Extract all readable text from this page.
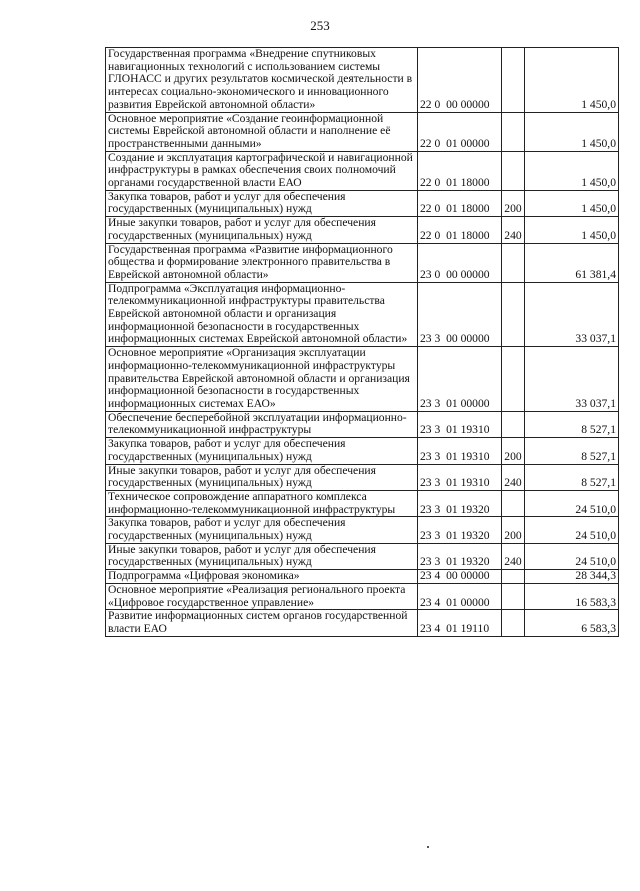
253
Государственная программа «Внедрение спутниковых навигационных технологий с использованием системы ГЛОНАСС и других результатов космической деятельности в интересах социально-экономического и инновационного развития Еврейской автономной области»	22 0  00 00000		1 450,0
Основное мероприятие «Создание геоинформационной системы Еврейской автономной области и наполнение её пространственными данными»	22 0  01 00000		1 450,0
Создание и эксплуатация картографической и навигационной инфраструктуры в рамках обеспечения своих полномочий органами государственной власти ЕАО	22 0  01 18000		1 450,0
Закупка товаров, работ и услуг для обеспечения государственных (муниципальных) нужд	22 0  01 18000	200	1 450,0
Иные закупки товаров, работ и услуг для обеспечения государственных (муниципальных) нужд	22 0  01 18000	240	1 450,0
Государственная программа «Развитие информационного общества и формирование электронного правительства в Еврейской автономной области»	23 0  00 00000		61 381,4
Подпрограмма «Эксплуатация информационно-телекоммуникационной инфраструктуры правительства Еврейской автономной области и организация информационной безопасности в государственных информационных системах Еврейской автономной области»	23 3  00 00000		33 037,1
Основное мероприятие «Организация эксплуатации информационно-телекоммуникационной инфраструктуры правительства Еврейской автономной области и организация информационной безопасности в государственных информационных системах ЕАО»	23 3  01 00000		33 037,1
Обеспечение бесперебойной эксплуатации информационно-телекоммуникационной инфраструктуры	23 3  01 19310		8 527,1
Закупка товаров, работ и услуг для обеспечения государственных (муниципальных) нужд	23 3  01 19310	200	8 527,1
Иные закупки товаров, работ и услуг для обеспечения государственных (муниципальных) нужд	23 3  01 19310	240	8 527,1
Техническое сопровождение аппаратного комплекса информационно-телекоммуникационной инфраструктуры	23 3  01 19320		24 510,0
Закупка товаров, работ и услуг для обеспечения государственных (муниципальных) нужд	23 3  01 19320	200	24 510,0
Иные закупки товаров, работ и услуг для обеспечения государственных (муниципальных) нужд	23 3  01 19320	240	24 510,0
Подпрограмма «Цифровая экономика»	23 4  00 00000		28 344,3
Основное мероприятие «Реализация регионального проекта «Цифровое государственное управление»	23 4  01 00000		16 583,3
Развитие информационных систем органов государственной власти ЕАО	23 4  01 19110		6 583,3
